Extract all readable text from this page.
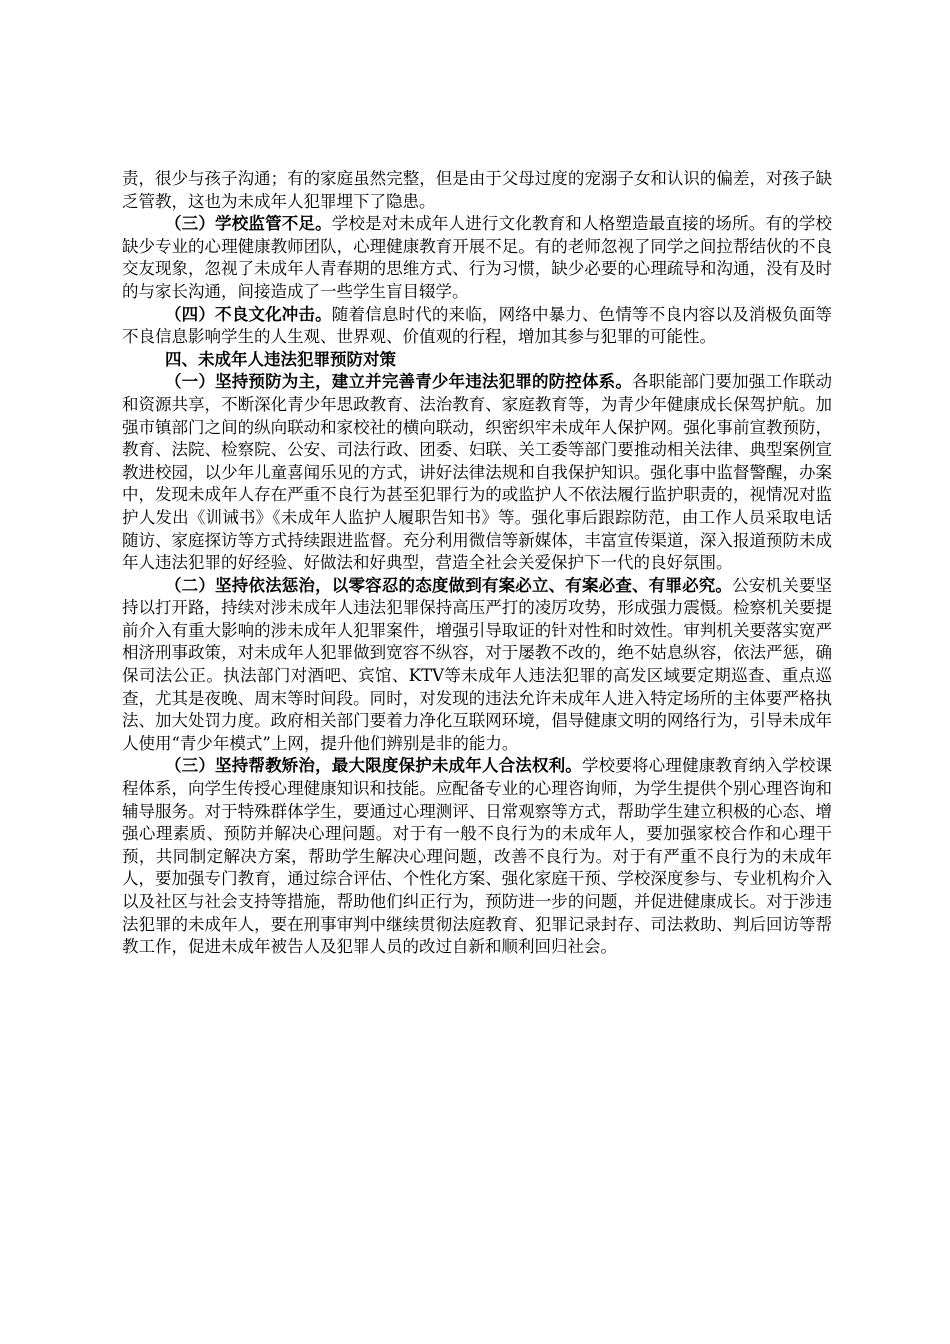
责，很少与孩子沟通；有的家庭虽然完整，但是由于父母过度的宠溺子女和认识的偏差，对孩子缺乏管教，这也为未成年人犯罪埋下了隐患。

（三）学校监管不足。学校是对未成年人进行文化教育和人格塑造最直接的场所。有的学校缺少专业的心理健康教师团队，心理健康教育开展不足。有的老师忽视了同学之间拉帮结伙的不良交友现象，忽视了未成年人青春期的思维方式、行为习惯，缺少必要的心理疏导和沟通，没有及时的与家长沟通，间接造成了一些学生盲目辍学。

（四）不良文化冲击。随着信息时代的来临，网络中暴力、色情等不良内容以及消极负面等不良信息影响学生的人生观、世界观、价值观的行程，增加其参与犯罪的可能性。

四、未成年人违法犯罪预防对策

（一）坚持预防为主，建立并完善青少年违法犯罪的防控体系。各职能部门要加强工作联动和资源共享，不断深化青少年思政教育、法治教育、家庭教育等，为青少年健康成长保驾护航。加强市镇部门之间的纵向联动和家校社的横向联动，织密织牢未成年人保护网。强化事前宣教预防，教育、法院、检察院、公安、司法行政、团委、妇联、关工委等部门要推动相关法律、典型案例宣教进校园，以少年儿童喜闻乐见的方式，讲好法律法规和自我保护知识。强化事中监督警醒，办案中，发现未成年人存在严重不良行为甚至犯罪行为的或监护人不依法履行监护职责的，视情况对监护人发出《训诫书》《未成年人监护人履职告知书》等。强化事后跟踪防范，由工作人员采取电话随访、家庭探访等方式持续跟进监督。充分利用微信等新媒体，丰富宣传渠道，深入报道预防未成年人违法犯罪的好经验、好做法和好典型，营造全社会关爱保护下一代的良好氛围。

（二）坚持依法惩治，以零容忍的态度做到有案必立、有案必查、有罪必究。公安机关要坚持以打开路，持续对涉未成年人违法犯罪保持高压严打的凌厉攻势，形成强力震慑。检察机关要提前介入有重大影响的涉未成年人犯罪案件，增强引导取证的针对性和时效性。审判机关要落实宽严相济刑事政策，对未成年人犯罪做到宽容不纵容，对于屡教不改的，绝不姑息纵容，依法严惩，确保司法公正。执法部门对酒吧、宾馆、KTV等未成年人违法犯罪的高发区域要定期巡查、重点巡查，尤其是夜晚、周末等时间段。同时，对发现的违法允许未成年人进入特定场所的主体要严格执法、加大处罚力度。政府相关部门要着力净化互联网环境，倡导健康文明的网络行为，引导未成年人使用“青少年模式”上网，提升他们辨别是非的能力。

（三）坚持帮教矫治，最大限度保护未成年人合法权利。学校要将心理健康教育纳入学校课程体系，向学生传授心理健康知识和技能。应配备专业的心理咨询师，为学生提供个别心理咨询和辅导服务。对于特殊群体学生，要通过心理测评、日常观察等方式，帮助学生建立积极的心态、增强心理素质、预防并解决心理问题。对于有一般不良行为的未成年人，要加强家校合作和心理干预，共同制定解决方案，帮助学生解决心理问题，改善不良行为。对于有严重不良行为的未成年人，要加强专门教育，通过综合评估、个性化方案、强化家庭干预、学校深度参与、专业机构介入以及社区与社会支持等措施，帮助他们纠正行为，预防进一步的问题，并促进健康成长。对于涉违法犯罪的未成年人，要在刑事审判中继续贯彻法庭教育、犯罪记录封存、司法救助、判后回访等帮教工作，促进未成年被告人及犯罪人员的改过自新和顺利回归社会。
